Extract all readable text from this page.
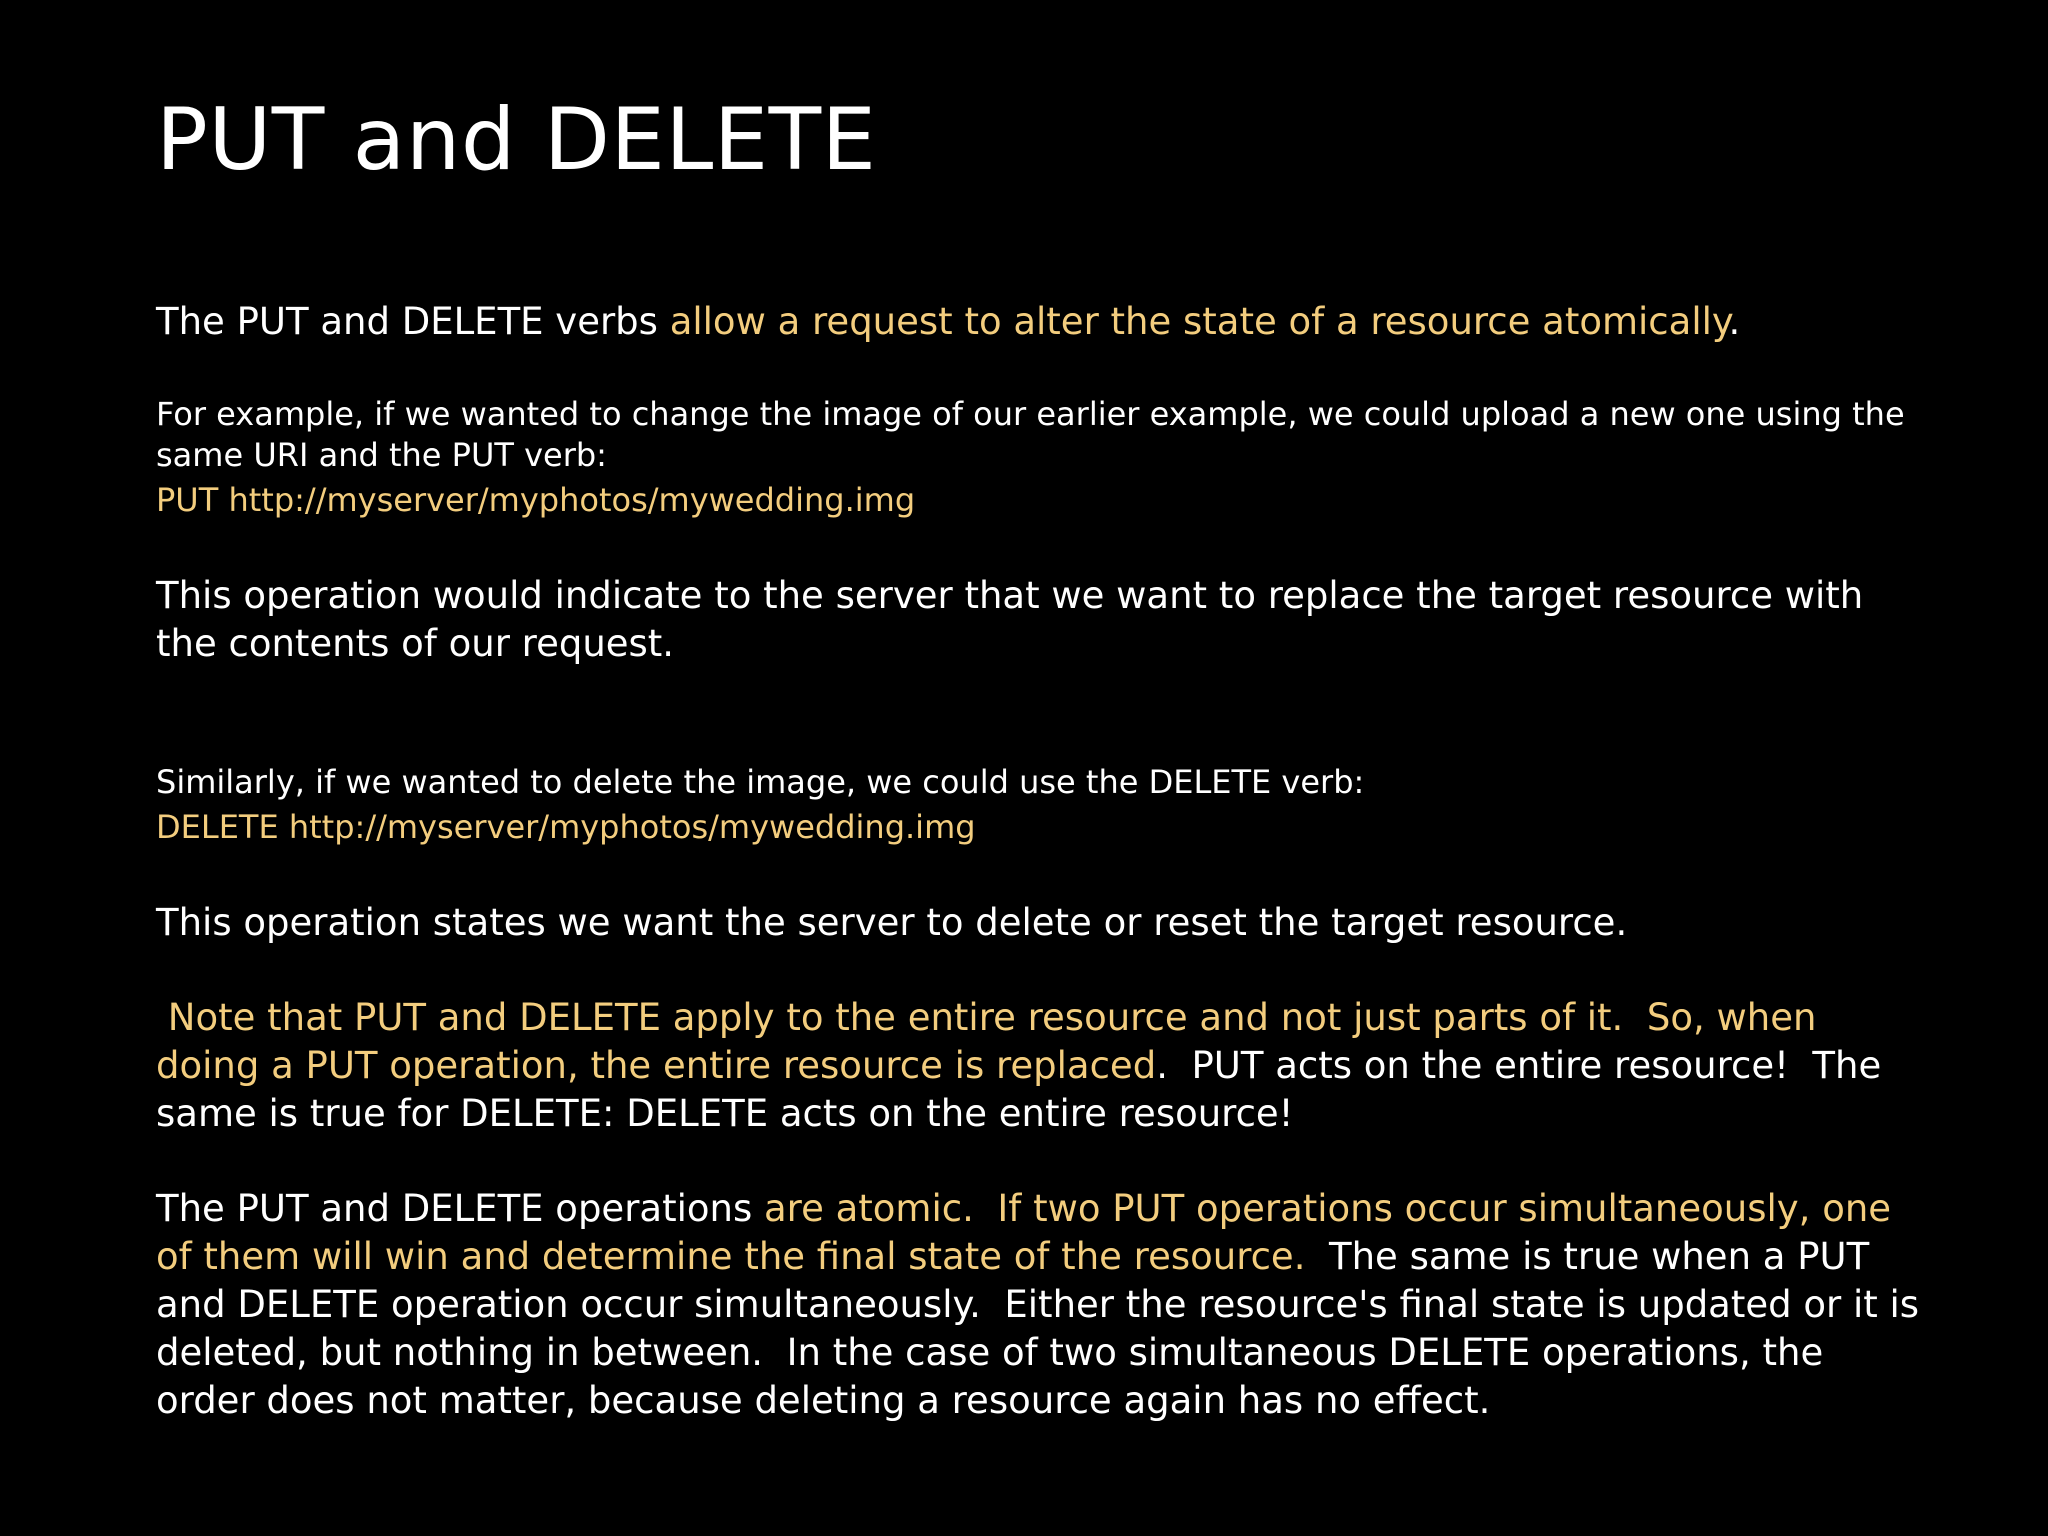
PUT and DELETE

The PUT and DELETE verbs allow a request to alter the state of a resource atomically.

For example, if we wanted to change the image of our earlier example, we could upload a new one using the
same URI and the PUT verb:
PUT http://myserver/myphotos/mywedding.img
This operation would indicate to the server that we want to replace the target resource with
the contents of our request.
Similarly, if we wanted to delete the image, we could use the DELETE verb:
DELETE http://myserver/myphotos/mywedding.img
This operation states we want the server to delete or reset the target resource.
Note that PUT and DELETE apply to the entire resource and not just parts of it.  So, when
doing a PUT operation, the entire resource is replaced.  PUT acts on the entire resource!  The
same is true for DELETE: DELETE acts on the entire resource!
The PUT and DELETE operations are atomic.  If two PUT operations occur simultaneously, one
of them will win and determine the final state of the resource.  The same is true when a PUT
and DELETE operation occur simultaneously.  Either the resource's final state is updated or it is
deleted, but nothing in between.  In the case of two simultaneous DELETE operations, the
order does not matter, because deleting a resource again has no effect.
